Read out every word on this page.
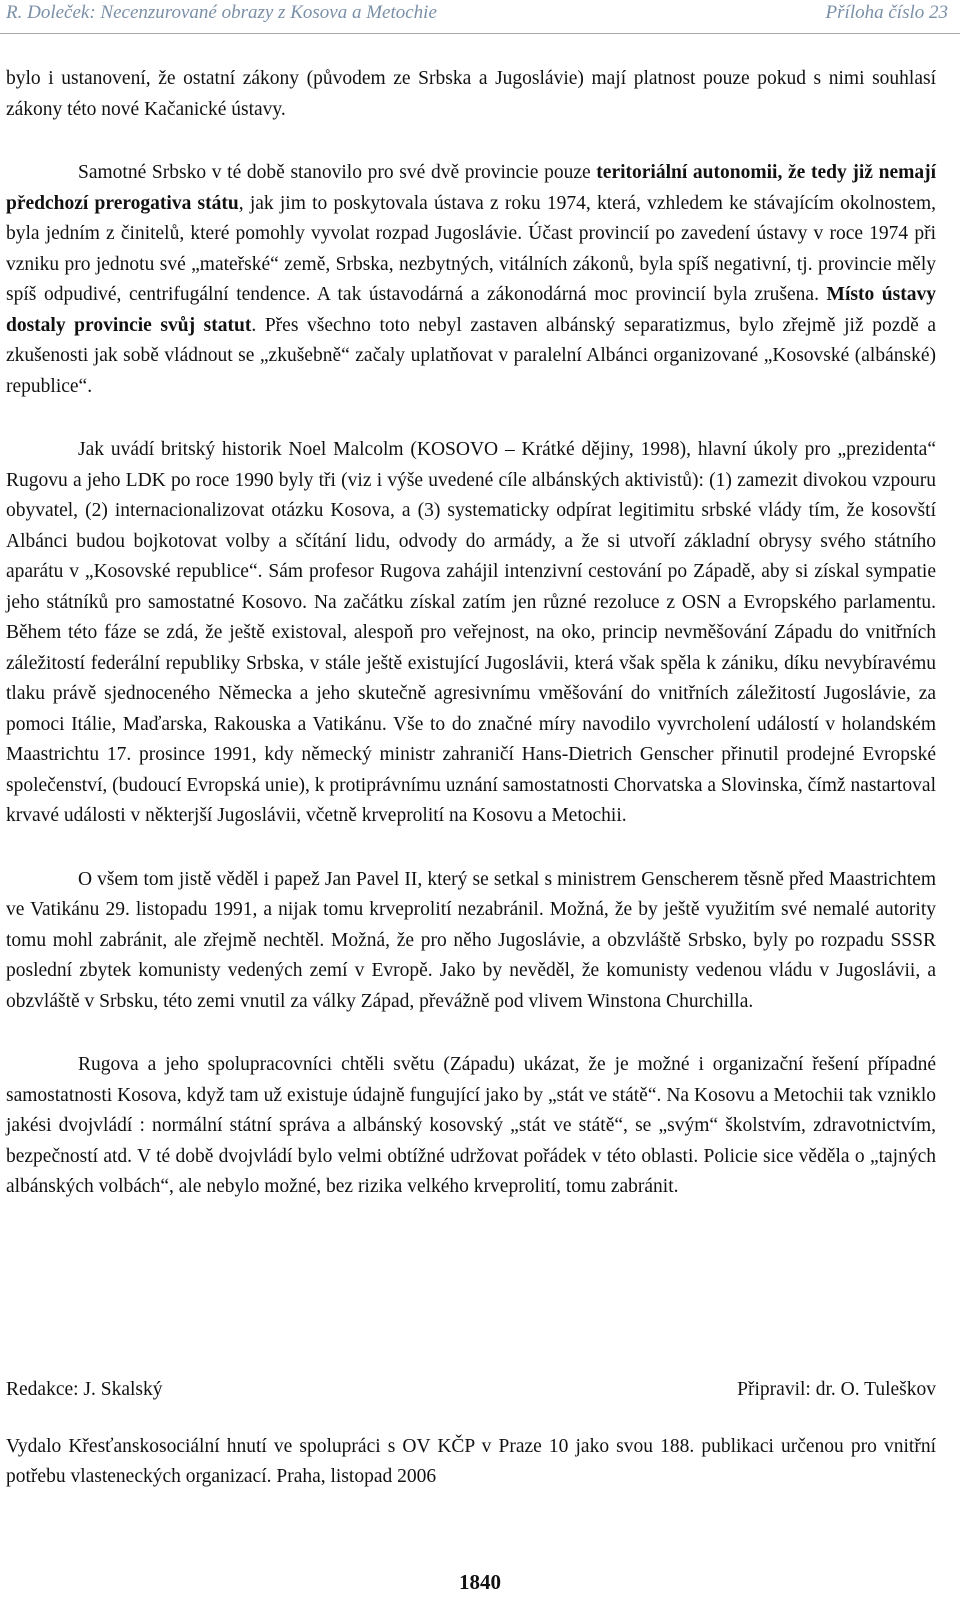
R. Doleček: Necenzurované obrazy z Kosova a Metochie	Příloha číslo 23

bylo i ustanovení, že ostatní zákony (původem ze Srbska a Jugoslávie) mají platnost pouze pokud s nimi souhlasí zákony této nové Kačanické ústavy.

Samotné Srbsko v té době stanovilo pro své dvě provincie pouze teritoriální autonomii, že tedy již nemají předchozí prerogativa státu, jak jim to poskytovala ústava z roku 1974, která, vzhledem ke stávajícím okolnostem, byla jedním z činitelů, které pomohly vyvolat rozpad Jugoslávie. Účast provincií po zavedení ústavy v roce 1974 při vzniku pro jednotu své „mateřské“ země, Srbska, nezbytných, vitálních zákonů, byla spíš negativní, tj. provincie měly spíš odpudivé, centrifugální tendence. A tak ústavodárná a zákonodárná moc provincií byla zrušena. Místo ústavy dostaly provincie svůj statut. Přes všechno toto nebyl zastaven albánský separatizmus, bylo zřejmě již pozdě a zkušenosti jak sobě vládnout se „zkušebně“ začaly uplatňovat v paralelní Albánci organizované „Kosovské (albánské) republice“.

Jak uvádí britský historik Noel Malcolm (KOSOVO – Krátké dějiny, 1998), hlavní úkoly pro „prezidenta“ Rugovu a jeho LDK po roce 1990 byly tři (viz i výše uvedené cíle albánských aktivistů): (1) zamezit divokou vzpouru obyvatel, (2) internacionalizovat otázku Kosova, a (3) systematicky odpírat legitimitu srbské vlády tím, že kosovští Albánci budou bojkotovat volby a sčítání lidu, odvody do armády, a že si utvoří základní obrysy svého státního aparátu v „Kosovské republice“. Sám profesor Rugova zahájil intenzivní cestování po Západě, aby si získal sympatie jeho státníků pro samostatné Kosovo. Na začátku získal zatím jen různé rezoluce z OSN a Evropského parlamentu. Během této fáze se zdá, že ještě existoval, alespoň pro veřejnost, na oko, princip nevměšování Západu do vnitřních záležitostí federální republiky Srbska, v stále ještě existující Jugoslávii, která však spěla k zániku, díku nevybíravému tlaku právě sjednoceného Německa a jeho skutečně agresivnímu vměšování do vnitřních záležitostí Jugoslávie, za pomoci Itálie, Maďarska, Rakouska a Vatikánu. Vše to do značné míry navodilo vyvrcholení událostí v holandském Maastrichtu 17. prosince 1991, kdy německý ministr zahraničí Hans-Dietrich Genscher přinutil prodejné Evropské společenství, (budoucí Evropská unie), k protiprávnímu uznání samostatnosti Chorvatska a Slovinska, čímž nastartoval krvavé události v některjší Jugoslávii, včetně krveprolití na Kosovu a Metochii.

O všem tom jistě věděl i papež Jan Pavel II, který se setkal s ministrem Genscherem těsně před Maastrichtem ve Vatikánu 29. listopadu 1991, a nijak tomu krveprolití nezabránil. Možná, že by ještě využitím své nemalé autority tomu mohl zabránit, ale zřejmě nechtěl. Možná, že pro něho Jugoslávie, a obzvláště Srbsko, byly po rozpadu SSSR poslední zbytek komunisty vedených zemí v Evropě. Jako by nevěděl, že komunisty vedenou vládu v Jugoslávii, a obzvláště v Srbsku, této zemi vnutil za války Západ, převážně pod vlivem Winstona Churchilla.

Rugova a jeho spolupracovníci chtěli světu (Západu) ukázat, že je možné i organizační řešení případné samostatnosti Kosova, když tam už existuje údajně fungující jako by „stát ve státě“. Na Kosovu a Metochii tak vzniklo jakési dvojvládí : normální státní správa a albánský kosovský „stát ve státě“, se „svým“ školstvím, zdravotnictvím, bezpečností atd. V té době dvojvládí bylo velmi obtížné udržovat pořádek v této oblasti. Policie sice věděla o „tajných albánských volbách“, ale nebylo možné, bez rizika velkého krveprolití, tomu zabránit.

Redakce: J. Skalský	Připravil: dr. O. Tuleškov
Vydalo Křesťanskosociální hnutí ve spolupráci s OV KČP v Praze 10 jako svou 188. publikaci určenou pro vnitřní potřebu vlasteneckých organizací. Praha, listopad 2006
1840
